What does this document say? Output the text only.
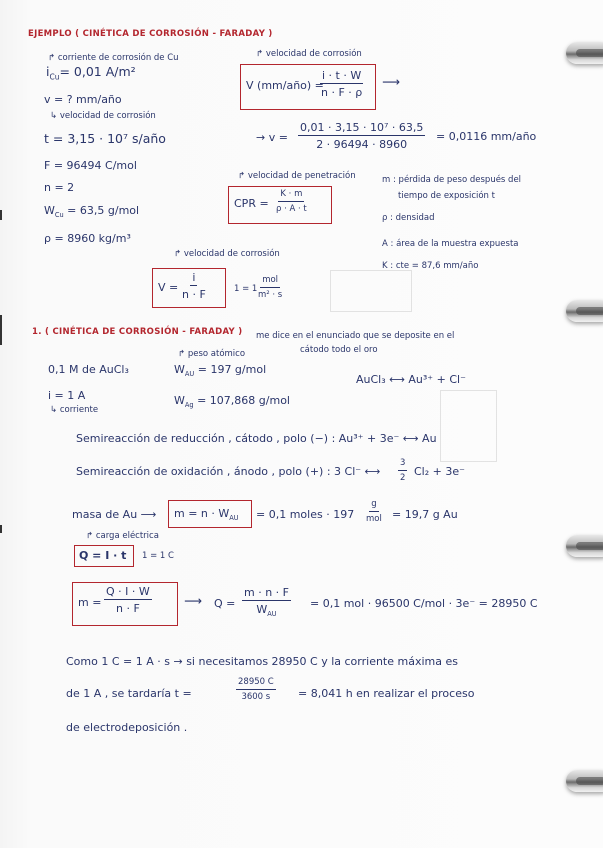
EJEMPLO ( CINÉTICA DE CORROSIÓN - FARADAY )
↱ corriente de corrosión de Cu
$i_{Cu}= 0,01$ A/m²
v = ? mm/año
↳ velocidad de corrosión
t = 3,15 · 10⁷ s/año
F = 96494 C/mol
n = 2
$W_{Cu} = 63,5$ g/mol
ρ = 8960 kg/m³
↱ velocidad de corrosión
V (mm/año) =
$\frac{i \cdot t \cdot W}{n \cdot F \cdot \rho}$ ⟶
→ $v = \frac{\text{0,01 · 3,15 · 10⁷ · 63,5}}{2 \cdot 96494 \cdot 8960} = 0,0116$ mm/año
↱ velocidad de penetración
CPR = $\frac{K \cdot m}{\rho \cdot A \cdot t}$
m : pérdida de peso después del
tiempo de exposición t
ρ : densidad
A : área de la muestra expuesta
K : cte = 87,6 mm/año
↱ velocidad de corrosión
$V = \frac{i}{n \cdot F}$	1 = 1
mol
m² · s
1. ( CINÉTICA DE CORROSIÓN - FARADAY ) me dice en el enunciado que se deposite en el
cátodo todo el oro
0,1 M de AuCl₃
↱ peso atómico
$W_{AU} = 197$ g/mol
AuCl₃ ⟷ Au³⁺ + Cl⁻
i = 1 A
↳ corriente
$W_{Ag} = 107,868$ g/mol
Semireacción de reducción , cátodo , polo (−) : Au³⁺ + 3e⁻ ⟷ Au
Semireacción de oxidación , ánodo , polo (+) : 3 Cl⁻ ⟷ $\frac{3}{2} Cl_2 + 3e^-$
masa de Au ⟶ $m = n \cdot W_{AU} = 0,1$ moles · 197
g
mol = 19,7 g Au
↱ carga eléctrica
Q = I · t 1 = 1 C
$m = \frac{Q \cdot I \cdot W}{n \cdot F}$	⟶ Q =
m · n · F
$W_{AU}$
= 0,1 mol · 96500 C/mol · 3e⁻ = 28950 C
Como 1 C = 1 A · s → si necesitamos 28950 C y la corriente máxima es
de 1 A , se tardaría t =	$\frac{28950 C}{3600 s} = 8,041$ h en realizar el proceso
de electrodeposición .
